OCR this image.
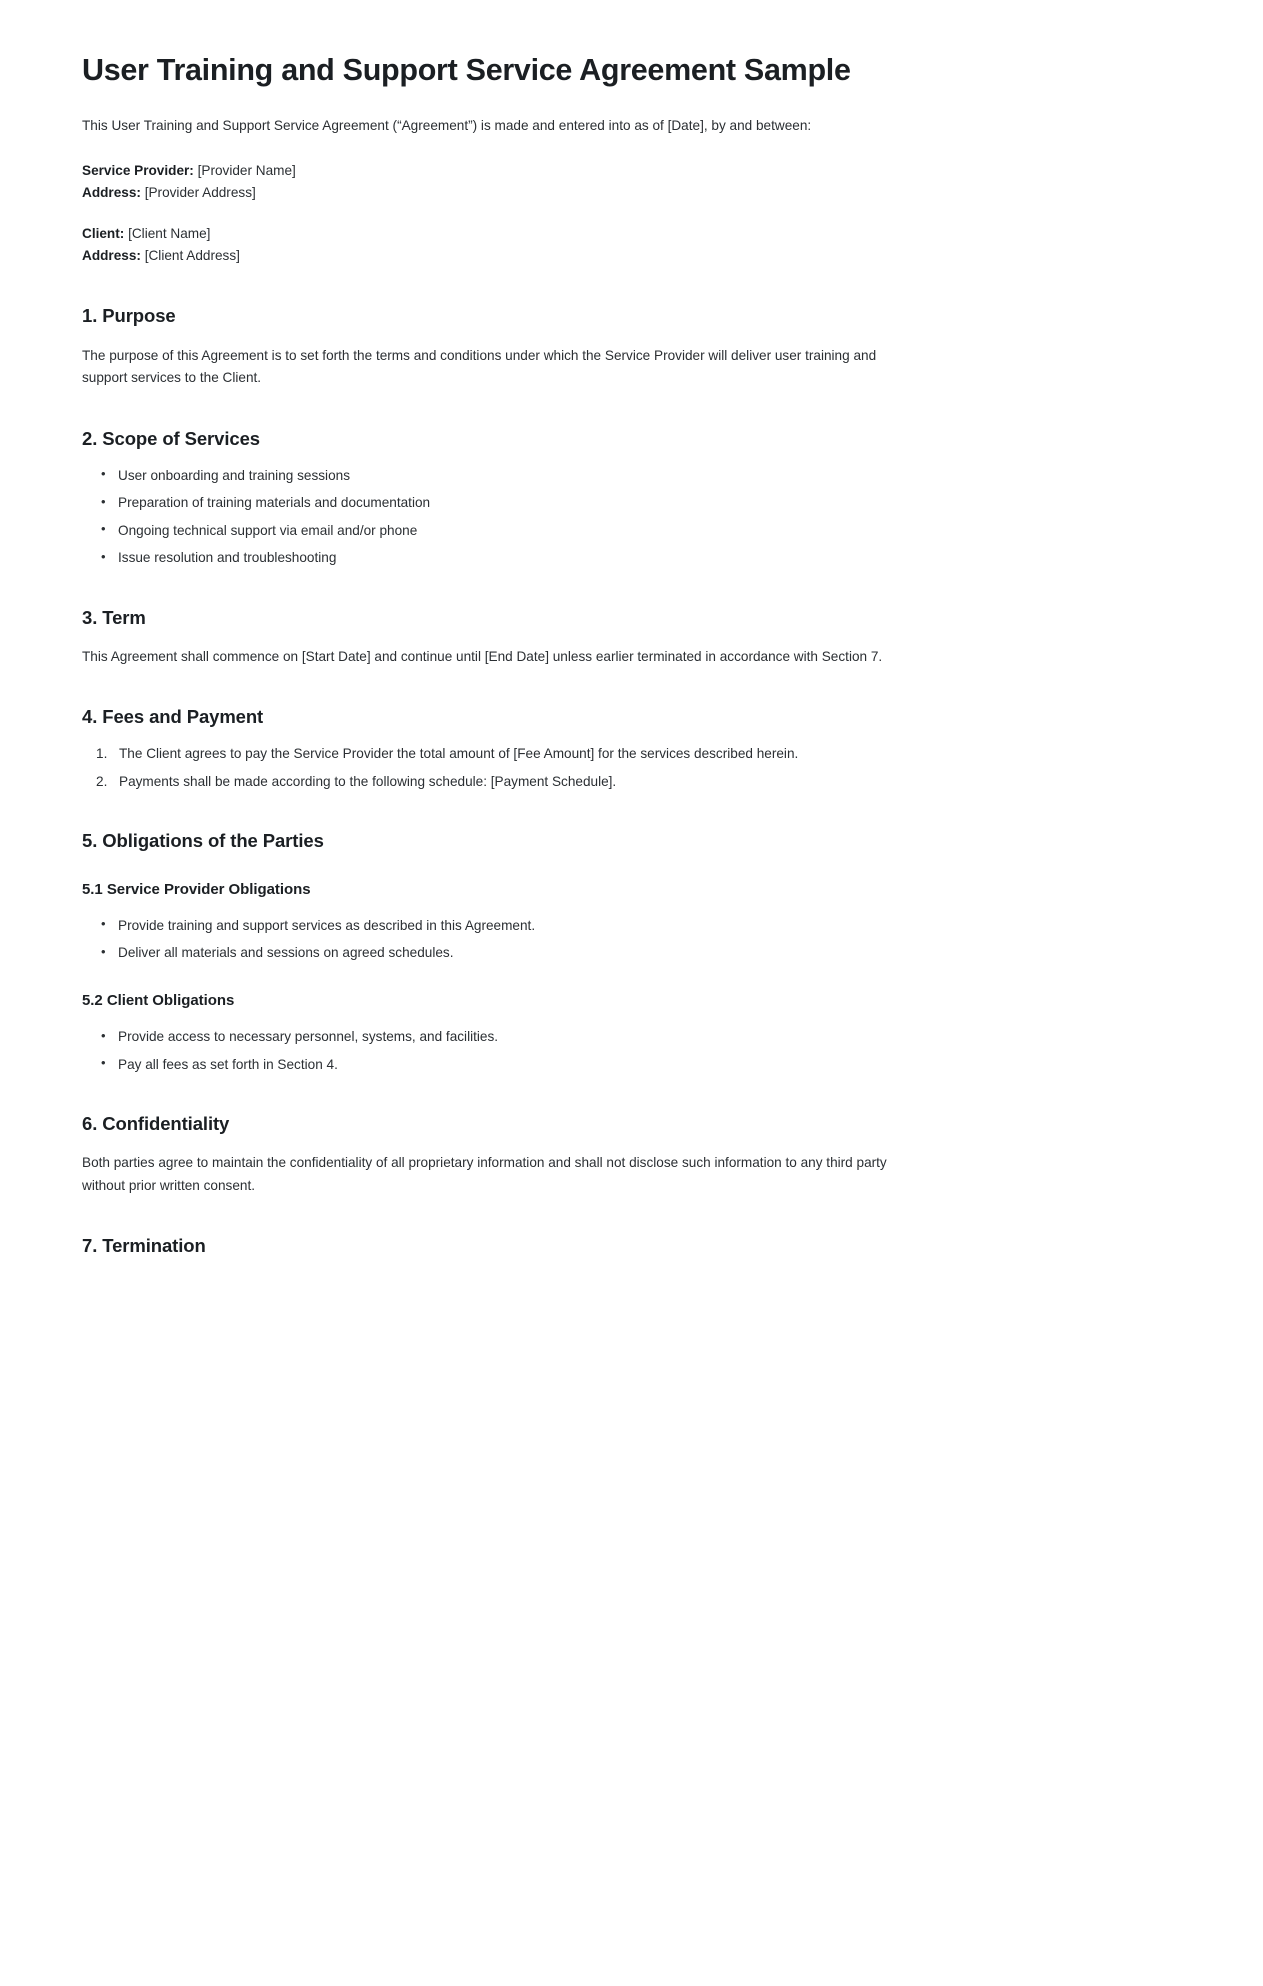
User Training and Support Service Agreement Sample

This User Training and Support Service Agreement (“Agreement”) is made and entered into as of [Date], by and between:

Service Provider: [Provider Name]

Address: [Provider Address]

Client: [Client Name]

Address: [Client Address]

1. Purpose

The purpose of this Agreement is to set forth the terms and conditions under which the Service Provider will deliver user training and support services to the Client.

2. Scope of Services
• User onboarding and training sessions
• Preparation of training materials and documentation
• Ongoing technical support via email and/or phone
• Issue resolution and troubleshooting
3. Term

This Agreement shall commence on [Start Date] and continue until [End Date] unless earlier terminated in accordance with Section 7.

4. Fees and Payment
The Client agrees to pay the Service Provider the total amount of [Fee Amount] for the services described herein.
Payments shall be made according to the following schedule: [Payment Schedule].
5. Obligations of the Parties
5.1 Service Provider Obligations
• Provide training and support services as described in this Agreement.
• Deliver all materials and sessions on agreed schedules.
5.2 Client Obligations
• Provide access to necessary personnel, systems, and facilities.
• Pay all fees as set forth in Section 4.
6. Confidentiality

Both parties agree to maintain the confidentiality of all proprietary information and shall not disclose such information to any third party without prior written consent.

7. Termination
